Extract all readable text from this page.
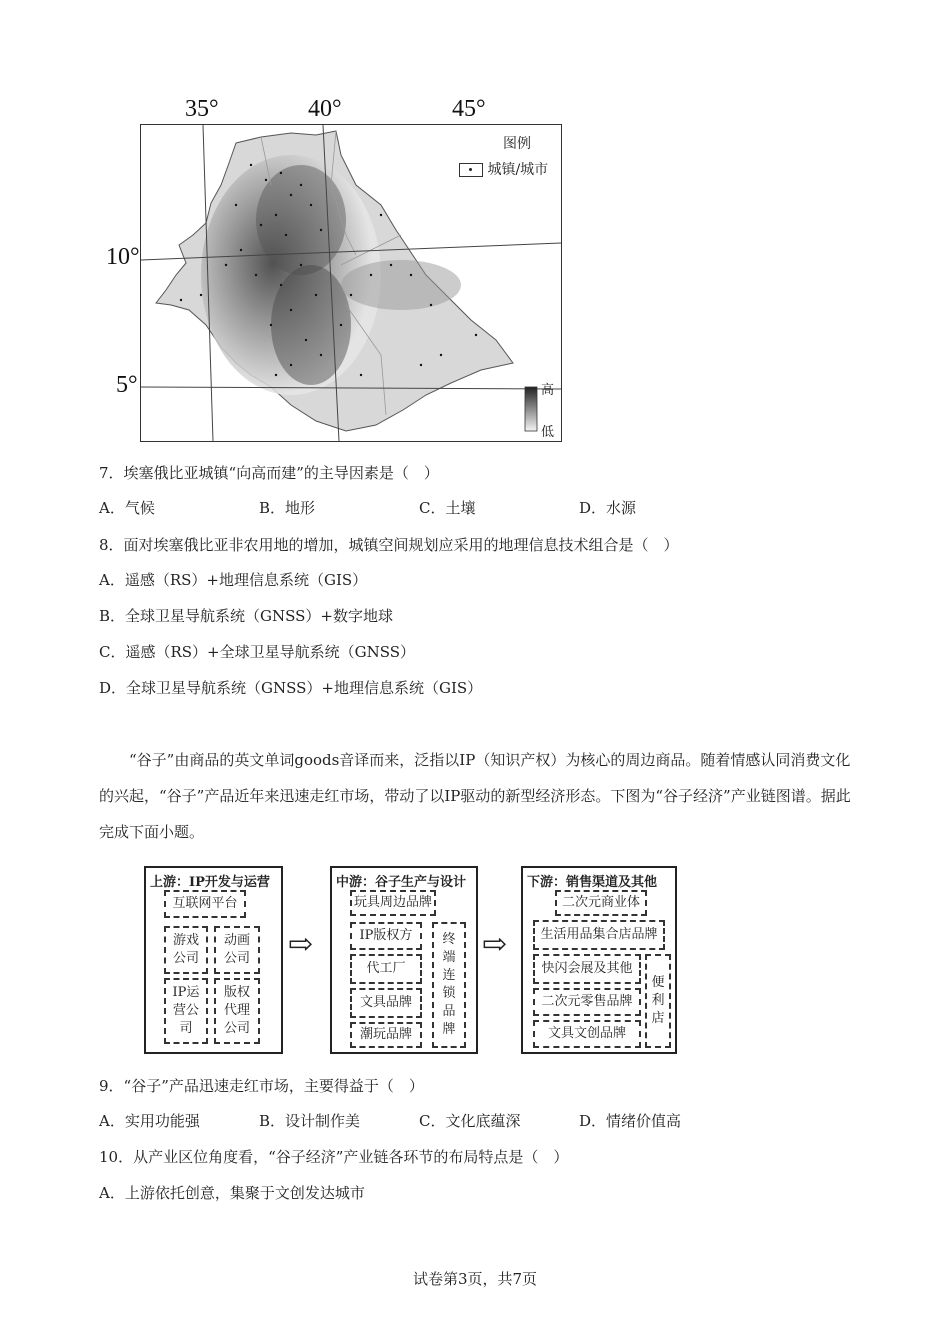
35°	40°	45°
10°
5°
图例
城镇/城市
高
低
7．埃塞俄比亚城镇“向高而建”的主导因素是（　）
A．气候	B．地形	C．土壤	D．水源
8．面对埃塞俄比亚非农用地的增加，城镇空间规划应采用的地理信息技术组合是（　）
A．遥感（RS）+地理信息系统（GIS）
B．全球卫星导航系统（GNSS）+数字地球
C．遥感（RS）+全球卫星导航系统（GNSS）
D．全球卫星导航系统（GNSS）+地理信息系统（GIS）
“谷子”由商品的英文单词goods音译而来，泛指以IP（知识产权）为核心的周边商品。随着情感认同消费文化的兴起，“谷子”产品近年来迅速走红市场，带动了以IP驱动的新型经济形态。下图为“谷子经济”产业链图谱。据此完成下面小题。
上游：IP开发与运营
互联网平台
游戏公司
动画公司
IP运营公司
版权代理公司
⇨
中游：谷子生产与设计
玩具周边品牌
IP版权方
代工厂
文具品牌
潮玩品牌
终端连锁品牌
⇨
下游：销售渠道及其他
二次元商业体
生活用品集合店品牌
快闪会展及其他
二次元零售品牌
文具文创品牌
便利店
9．“谷子”产品迅速走红市场，主要得益于（　）
A．实用功能强	B．设计制作美	C．文化底蕴深	D．情绪价值高
10．从产业区位角度看，“谷子经济”产业链各环节的布局特点是（　）
A．上游依托创意，集聚于文创发达城市
试卷第3页，共7页
